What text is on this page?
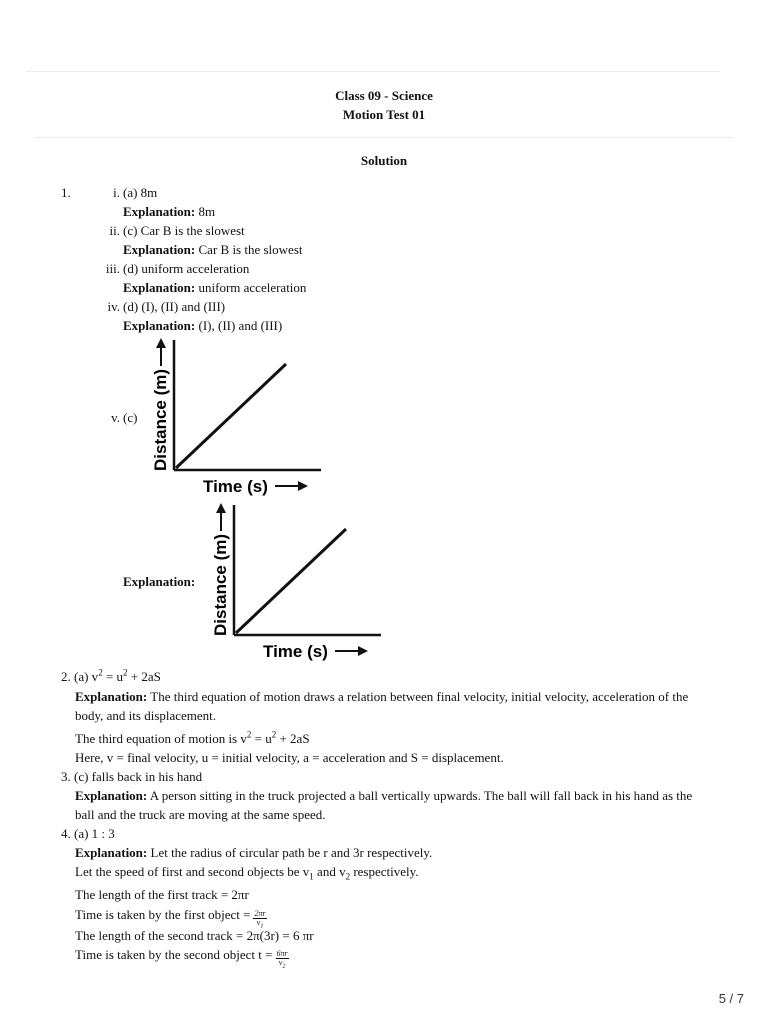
Class 09 - Science
Motion Test 01
Solution
1.	i. (a) 8m
Explanation: 8m
ii. (c) Car B is the slowest
Explanation: Car B is the slowest
iii. (d) uniform acceleration
Explanation: uniform acceleration
iv. (d) (I), (II) and (III)
Explanation: (I), (II) and (III)
v. (c) Distance (m)
Time (s)
Explanation: Distance (m)
Time (s)
2. (a) $v^2 = u^2 + 2aS$
Explanation: The third equation of motion draws a relation between final velocity, initial velocity, acceleration of the
body, and its displacement.
The third equation of motion is $v^2 = u^2 + 2aS$
Here, v = final velocity, u = initial velocity, a = acceleration and S = displacement.
3. (c) falls back in his hand
Explanation: A person sitting in the truck projected a ball vertically upwards. The ball will fall back in his hand as the
ball and the truck are moving at the same speed.
4. (a) 1 : 3
Explanation: Let the radius of circular path be r and 3r respectively.
Let the speed of first and second objects be $v_1$ and $v_2$ respectively.
The length of the first track = 2πr
Time is taken by the first object = $\frac{2\pi r}{v_1}$
The length of the second track = 2π(3r) = 6 πr
Time is taken by the second object $t = \frac{6\pi r}{v_2}$
5 / 7
